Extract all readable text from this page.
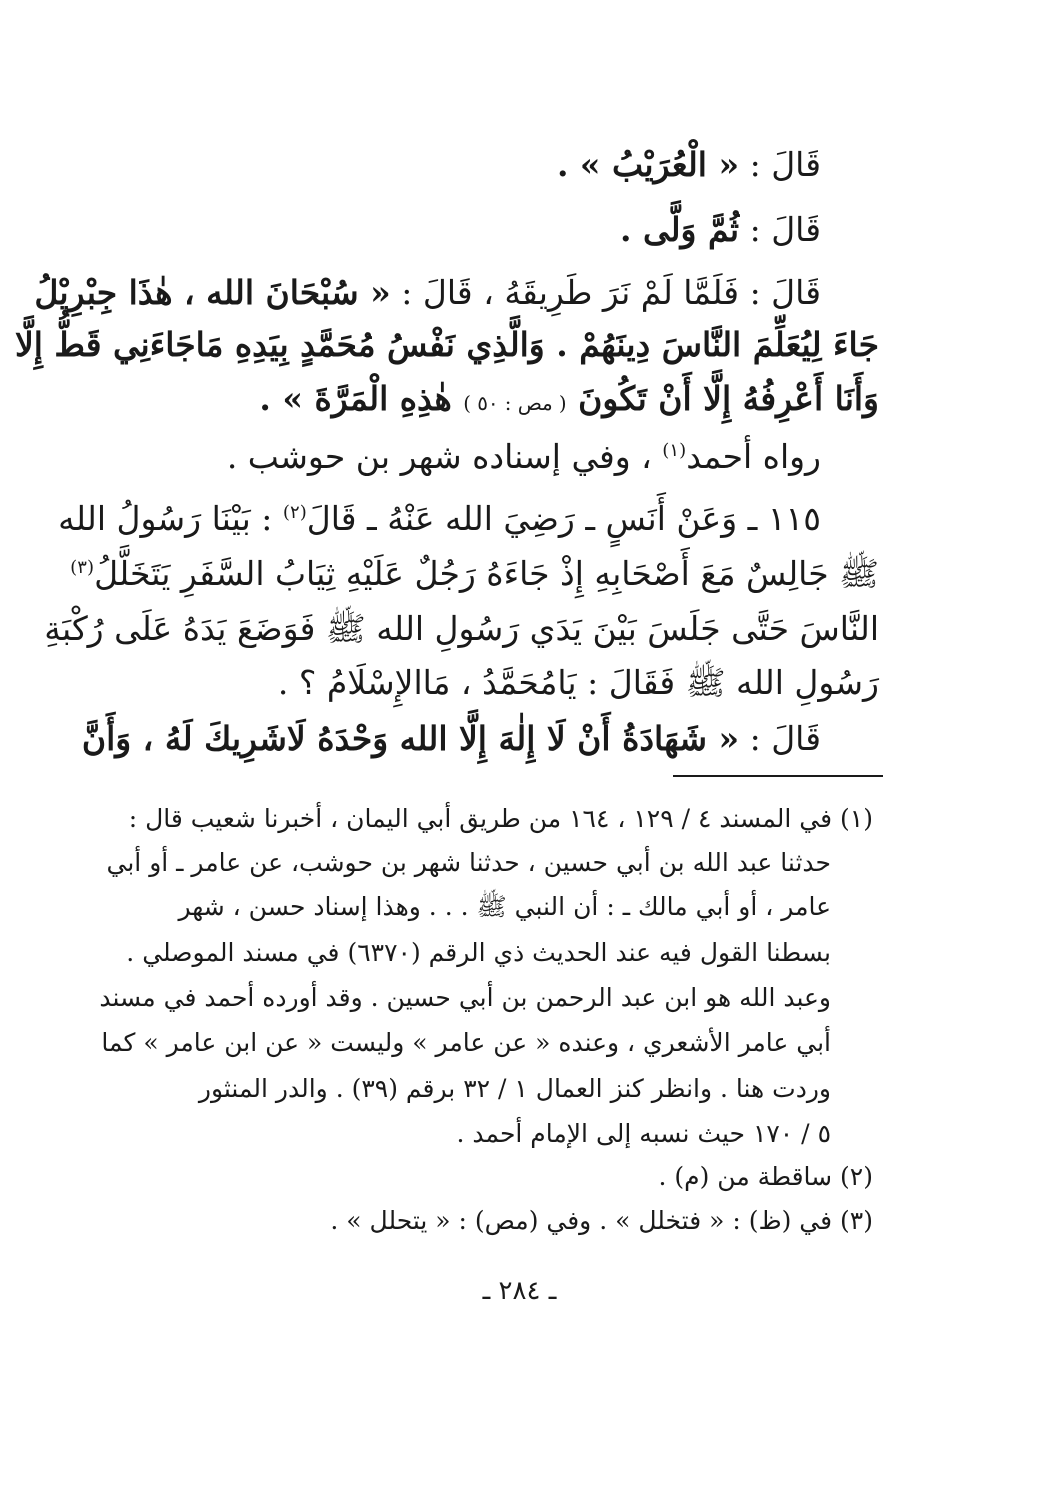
قَالَ : « الْعُرَيْبُ » .
قَالَ : ثُمَّ وَلَّى .
قَالَ : فَلَمَّا لَمْ نَرَ طَرِيقَهُ ، قَالَ : « سُبْحَانَ الله ، هٰذَا جِبْرِيْلُ
جَاءَ لِيُعَلِّمَ النَّاسَ دِينَهُمْ . وَالَّذِي نَفْسُ مُحَمَّدٍ بِيَدِهِ مَاجَاءَنِي قَطُّ إِلَّا
وَأَنَا أَعْرِفُهُ إِلَّا أَنْ تَكُونَ ( مص : ٥٠ ) هٰذِهِ الْمَرَّةَ » .
رواه أحمد$^{(١)}$ ، وفي إسناده شهر بن حوشب .
١١٥ ـ وَعَنْ أَنَسٍ ـ رَضِيَ الله عَنْهُ ـ قَالَ$^{(٢)}$ : بَيْنَا رَسُولُ الله
ﷺ جَالِسٌ مَعَ أَصْحَابِهِ إِذْ جَاءَهُ رَجُلٌ عَلَيْهِ ثِيَابُ السَّفَرِ يَتَخَلَّلُ$^{(٣)}$
النَّاسَ حَتَّى جَلَسَ بَيْنَ يَدَي رَسُولِ الله ﷺ فَوَضَعَ يَدَهُ عَلَى رُكْبَةِ
رَسُولِ الله ﷺ فَقَالَ : يَامُحَمَّدُ ، مَاالإِسْلَامُ ؟ .
قَالَ : « شَهَادَةُ أَنْ لَا إِلٰهَ إِلَّا الله وَحْدَهُ لَاشَرِيكَ لَهُ ، وَأَنَّ
(١) في المسند ٤ / ١٢٩ ، ١٦٤ من طريق أبي اليمان ، أخبرنا شعيب قال :
حدثنا عبد الله بن أبي حسين ، حدثنا شهر بن حوشب، عن عامر ـ أو أبي
عامر ، أو أبي مالك ـ : أن النبي ﷺ . . . وهذا إسناد حسن ، شهر
بسطنا القول فيه عند الحديث ذي الرقم (٦٣٧٠) في مسند الموصلي .
وعبد الله هو ابن عبد الرحمن بن أبي حسين . وقد أورده أحمد في مسند
أبي عامر الأشعري ، وعنده « عن عامر » وليست « عن ابن عامر » كما
وردت هنا . وانظر كنز العمال ١ / ٣٢ برقم (٣٩) . والدر المنثور
٥ / ١٧٠ حيث نسبه إلى الإمام أحمد .
(٢) ساقطة من (م) .
(٣) في (ظ) : « فتخلل » . وفي (مص) : « يتحلل » .
ـ ٢٨٤ ـ
